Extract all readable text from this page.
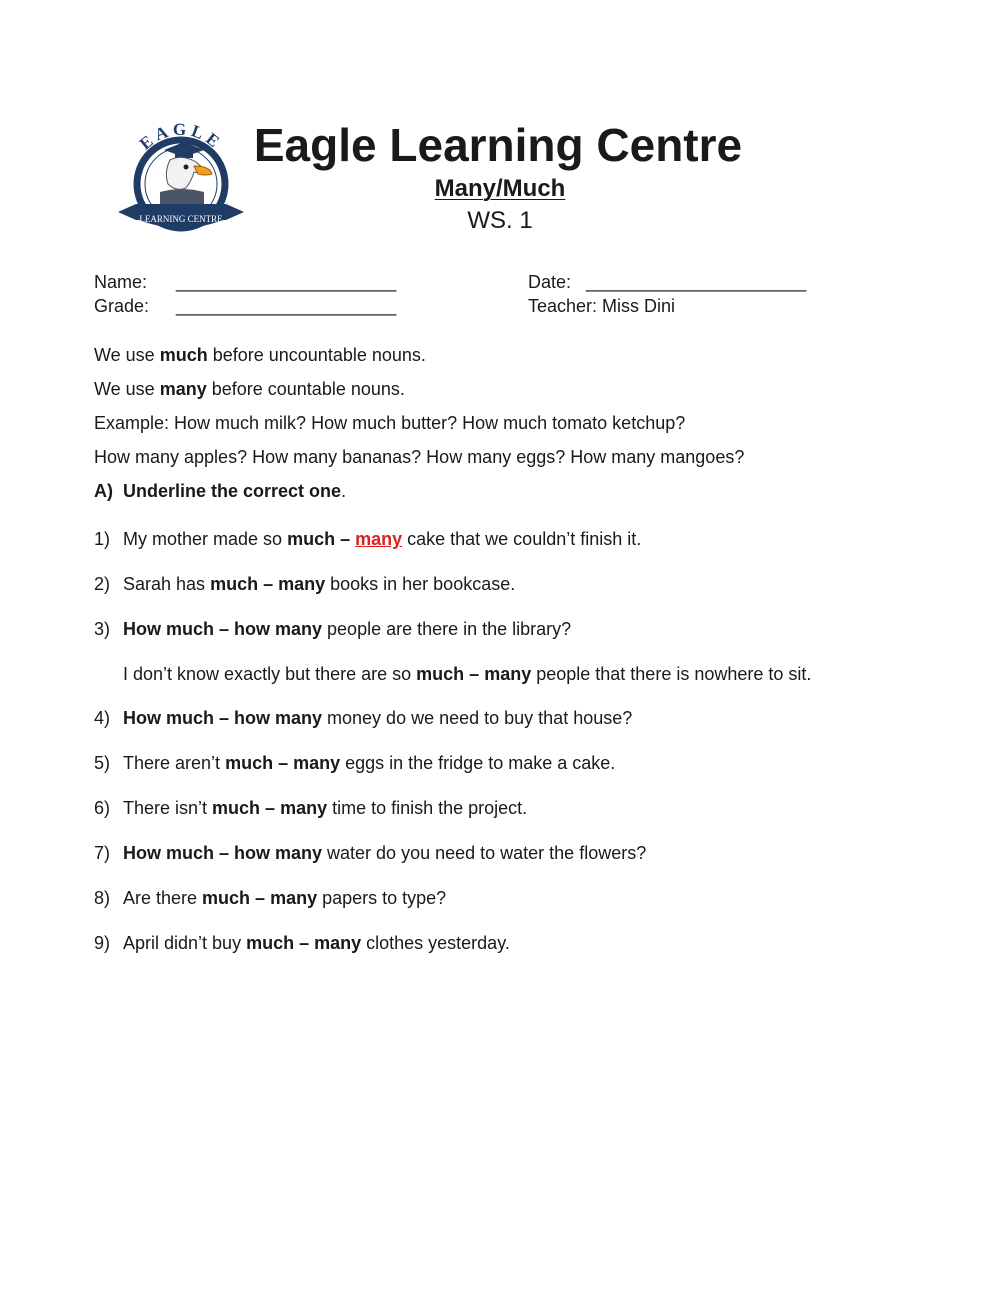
EAGLE
LEARNING CENTRE
Eagle Learning Centre
Many/Much
WS. 1
Name: ______________________
Grade: ______________________
Date: ______________________
Teacher: Miss Dini
We use much before uncountable nouns.
We use many before countable nouns.
Example: How much milk? How much butter? How much tomato ketchup?
How many apples? How many bananas? How many eggs? How many mangoes?
A) Underline the correct one.
1) My mother made so much – many cake that we couldn’t finish it.
2) Sarah has much – many books in her bookcase.
3) How much – how many people are there in the library?
I don’t know exactly but there are so much – many people that there is nowhere to sit.
4) How much – how many money do we need to buy that house?
5) There aren’t much – many eggs in the fridge to make a cake.
6) There isn’t much – many time to finish the project.
7) How much – how many water do you need to water the flowers?
8) Are there much – many papers to type?
9) April didn’t buy much – many clothes yesterday.
